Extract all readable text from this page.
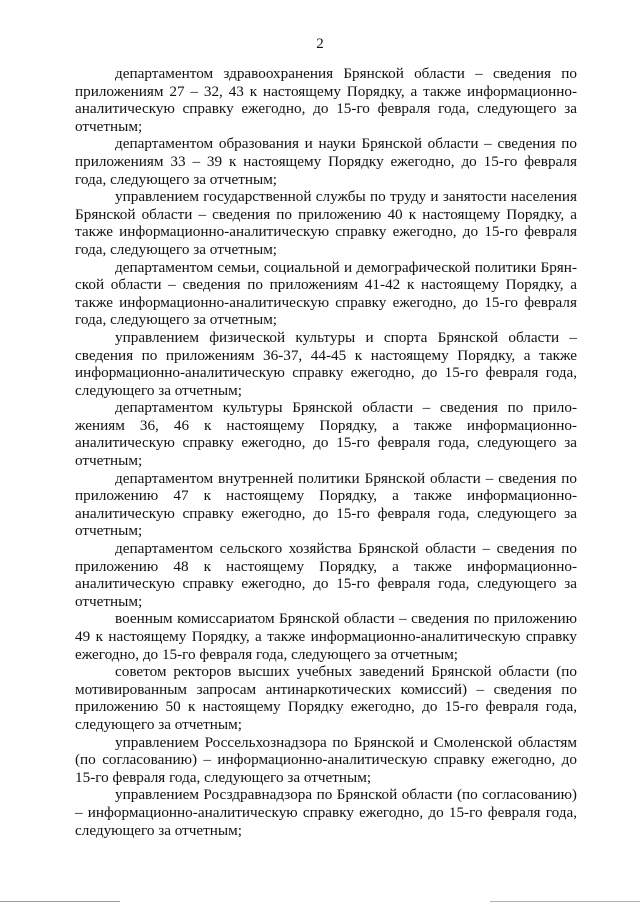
2

департаментом здравоохранения Брянской области – сведения по приложениям 27 – 32, 43 к настоящему Порядку, а также информационно-аналитическую справку ежегодно, до 15-го февраля года, следующего за отчетным;

департаментом образования и науки Брянской области – сведения по приложениям 33 – 39 к настоящему Порядку ежегодно, до 15-го февраля года, следующего за отчетным;

управлением государственной службы по труду и занятости населения Брянской области – сведения по приложению 40 к настоящему Порядку, а также информационно-аналитическую справку ежегодно, до 15-го февраля года, следующего за отчетным;

департаментом семьи, социальной и демографической политики Брянской области – сведения по приложениям 41-42 к настоящему Порядку, а также информационно-аналитическую справку ежегодно, до 15-го февраля года, следующего за отчетным;

управлением физической культуры и спорта Брянской области – сведения по приложениям 36-37, 44-45 к настоящему Порядку, а также информационно-аналитическую справку ежегодно, до 15-го февраля года, следующего за отчетным;

департаментом культуры Брянской области – сведения по приложениям 36, 46 к настоящему Порядку, а также информационно-аналитическую справку ежегодно, до 15-го февраля года, следующего за отчетным;

департаментом внутренней политики Брянской области – сведения по приложению 47 к настоящему Порядку, а также информационно-аналитическую справку ежегодно, до 15-го февраля года, следующего за отчетным;

департаментом сельского хозяйства Брянской области – сведения по приложению 48 к настоящему Порядку, а также информационно-аналитическую справку ежегодно, до 15-го февраля года, следующего за отчетным;

военным комиссариатом Брянской области – сведения по приложению 49 к настоящему Порядку, а также информационно-аналитическую справку ежегодно, до 15-го февраля года, следующего за отчетным;

советом ректоров высших учебных заведений Брянской области (по мотивированным запросам антинаркотических комиссий) – сведения по приложению 50 к настоящему Порядку ежегодно, до 15-го февраля года, следующего за отчетным;

управлением Россельхознадзора по Брянской и Смоленской областям (по согласованию) – информационно-аналитическую справку ежегодно, до 15-го февраля года, следующего за отчетным;

управлением Росздравнадзора по Брянской области (по согласованию) – информационно-аналитическую справку ежегодно, до 15-го февраля года, следующего за отчетным;
